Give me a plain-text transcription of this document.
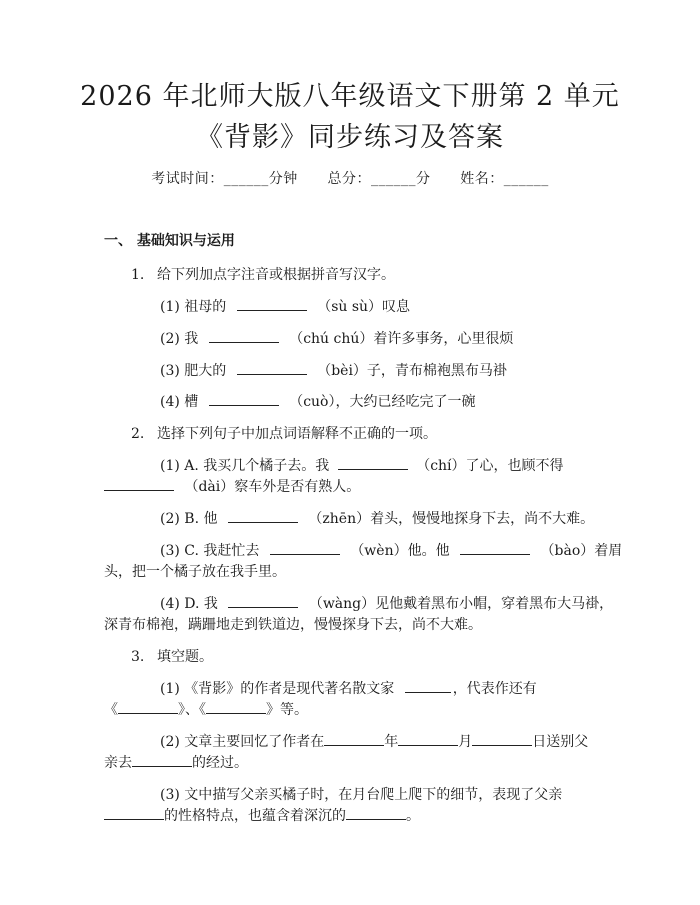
2026 年北师大版八年级语文下册第 2 单元
《背影》同步练习及答案
考试时间：______分钟 总分：______分 姓名：______
一、 基础知识与运用
1. 给下列加点字注音或根据拼音写汉字。
(1) 祖母的	（sù sù）叹息
(2) 我	（chú chú）着许多事务，心里很烦
(3) 肥大的	（bèi）子，青布棉袍黑布马褂
(4) 槽	（cuò），大约已经吃完了一碗
2. 选择下列句子中加点词语解释不正确的一项。
(1) A. 我买几个橘子去。我	（chí）了心，也顾不得
（dài）察车外是否有熟人。
(2) B. 他	（zhēn）着头，慢慢地探身下去，尚不大难。
(3) C. 我赶忙去	（wèn）他。他	（bào）着眉
头，把一个橘子放在我手里。
(4) D. 我	（wàng）见他戴着黑布小帽，穿着黑布大马褂，
深青布棉袍，蹒跚地走到铁道边，慢慢探身下去，尚不大难。
3. 填空题。
(1) 《背影》的作者是现代著名散文家	，代表作还有
《	》、《	》等。
(2) 文章主要回忆了作者在	年	月	日送别父
亲去	的经过。
(3) 文中描写父亲买橘子时，在月台爬上爬下的细节，表现了父亲
的性格特点，也蕴含着深沉的	。
